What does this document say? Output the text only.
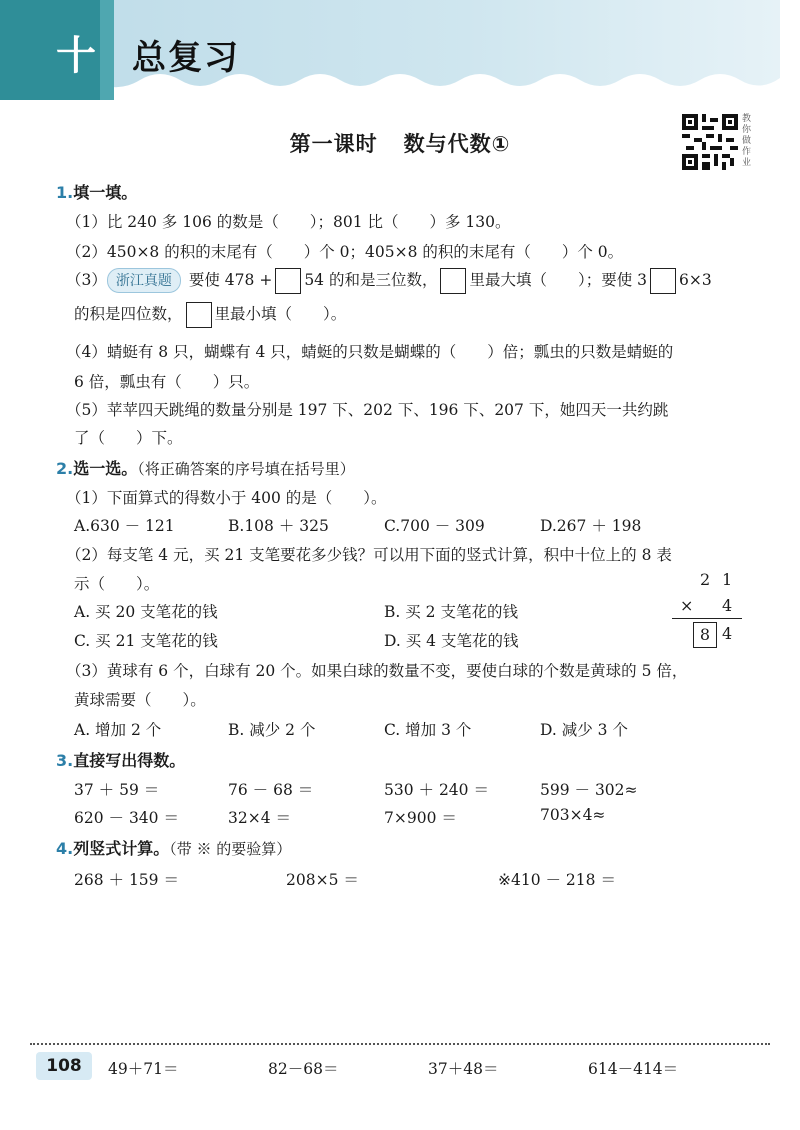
十 总复习
第一课时 数与代数①
教你做作业
1.填一填。
（1）比 240 多 106 的数是（　　）；801 比（　　）多 130。
（2）450×8 的积的末尾有（　　）个 0；405×8 的积的末尾有（　　）个 0。
（3） 浙江真题 要使 478 + 54 的和是三位数， 里最大填（　　）；要使 3 6×3
的积是四位数， 里最小填（　　）。
（4）蜻蜓有 8 只，蝴蝶有 4 只，蜻蜓的只数是蝴蝶的（　　）倍；瓢虫的只数是蜻蜓的
6 倍，瓢虫有（　　）只。
（5）苹苹四天跳绳的数量分别是 197 下、202 下、196 下、207 下，她四天一共约跳
了（　　）下。
2.选一选。（将正确答案的序号填在括号里）
（1）下面算式的得数小于 400 的是（　　）。
A.630 － 121	B.108 ＋ 325	C.700 － 309	D.267 ＋ 198
（2）每支笔 4 元，买 21 支笔要花多少钱？可以用下面的竖式计算，积中十位上的 8 表
示（　　）。	2 1
× 4
8 4
A. 买 20 支笔花的钱	B. 买 2 支笔花的钱
C. 买 21 支笔花的钱	D. 买 4 支笔花的钱
（3）黄球有 6 个，白球有 20 个。如果白球的数量不变，要使白球的个数是黄球的 5 倍，
黄球需要（　　）。
A. 增加 2 个	B. 减少 2 个	C. 增加 3 个	D. 减少 3 个
3.直接写出得数。
37 ＋ 59 ＝	76 － 68 ＝	530 ＋ 240 ＝	599 － 302≈
620 － 340 ＝	32×4 ＝	7×900 ＝	703×4≈
4.列竖式计算。（带 ※ 的要验算）
268 ＋ 159 ＝	208×5 ＝	※410 － 218 ＝
108	49＋71＝	82－68＝	37＋48＝	614－414＝
